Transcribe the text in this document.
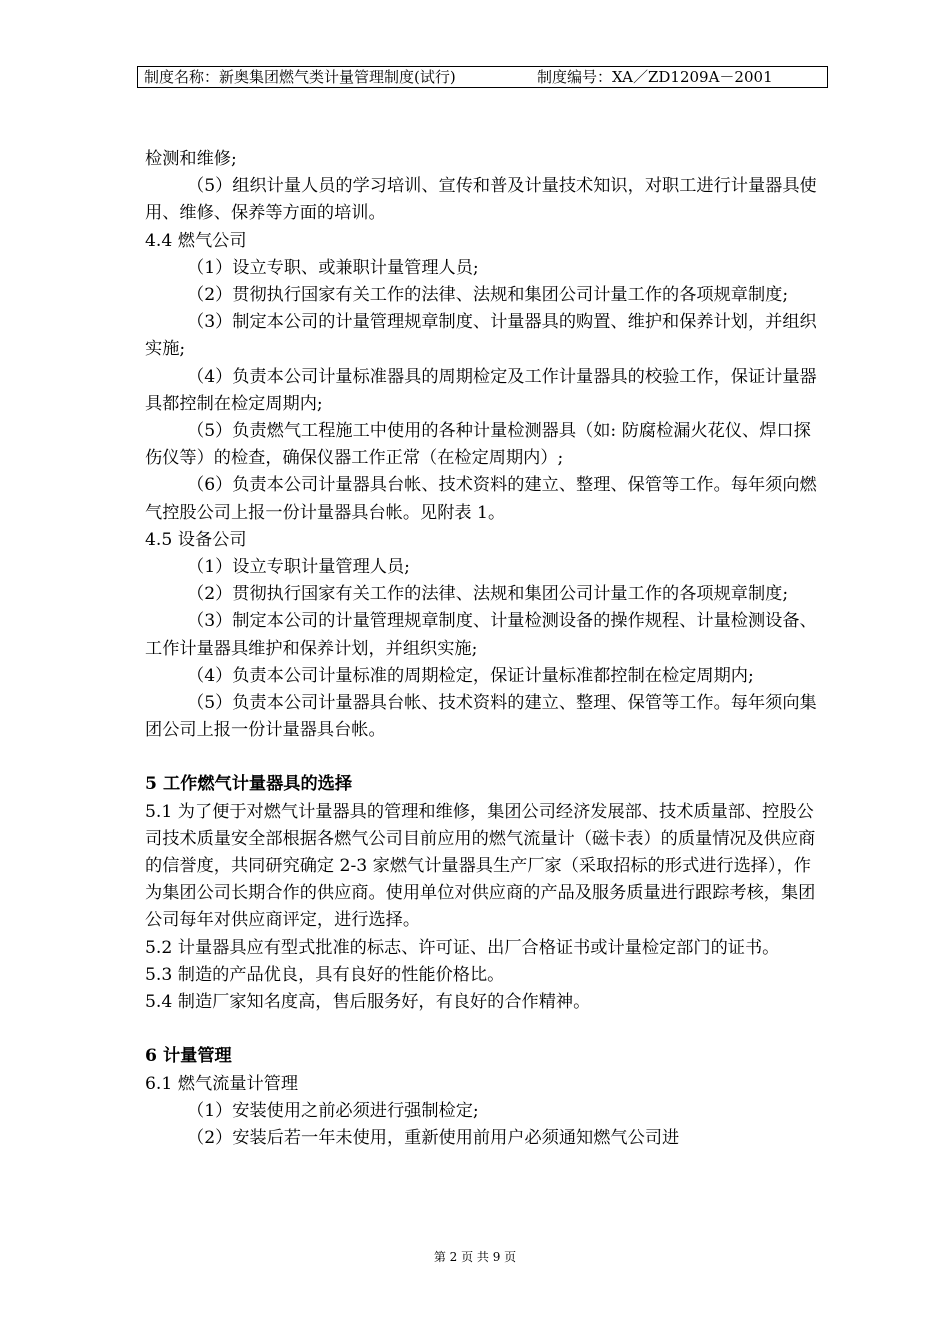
制度名称：新奥集团燃气类计量管理制度(试行)	制度编号：XA／ZD1209A－2001

检测和维修;

（5）组织计量人员的学习培训、宣传和普及计量技术知识，对职工进行计量器具使用、维修、保养等方面的培训。

4.4 燃气公司

（1）设立专职、或兼职计量管理人员;

（2）贯彻执行国家有关工作的法律、法规和集团公司计量工作的各项规章制度;

（3）制定本公司的计量管理规章制度、计量器具的购置、维护和保养计划，并组织实施;

（4）负责本公司计量标准器具的周期检定及工作计量器具的校验工作，保证计量器具都控制在检定周期内;

（5）负责燃气工程施工中使用的各种计量检测器具（如: 防腐检漏火花仪、焊口探伤仪等）的检查，确保仪器工作正常（在检定周期内）;

（6）负责本公司计量器具台帐、技术资料的建立、整理、保管等工作。每年须向燃气控股公司上报一份计量器具台帐。见附表 1。

4.5 设备公司

（1）设立专职计量管理人员;

（2）贯彻执行国家有关工作的法律、法规和集团公司计量工作的各项规章制度;

（3）制定本公司的计量管理规章制度、计量检测设备的操作规程、计量检测设备、工作计量器具维护和保养计划，并组织实施;

（4）负责本公司计量标准的周期检定，保证计量标准都控制在检定周期内;

（5）负责本公司计量器具台帐、技术资料的建立、整理、保管等工作。每年须向集团公司上报一份计量器具台帐。

5 工作燃气计量器具的选择

5.1 为了便于对燃气计量器具的管理和维修，集团公司经济发展部、技术质量部、控股公司技术质量安全部根据各燃气公司目前应用的燃气流量计（磁卡表）的质量情况及供应商的信誉度，共同研究确定 2-3 家燃气计量器具生产厂家（采取招标的形式进行选择），作为集团公司长期合作的供应商。使用单位对供应商的产品及服务质量进行跟踪考核，集团公司每年对供应商评定，进行选择。

5.2 计量器具应有型式批准的标志、许可证、出厂合格证书或计量检定部门的证书。

5.3 制造的产品优良，具有良好的性能价格比。

5.4 制造厂家知名度高，售后服务好，有良好的合作精神。

6 计量管理

6.1 燃气流量计管理

（1）安装使用之前必须进行强制检定;

（2）安装后若一年未使用，重新使用前用户必须通知燃气公司进

第 2 页 共 9 页
